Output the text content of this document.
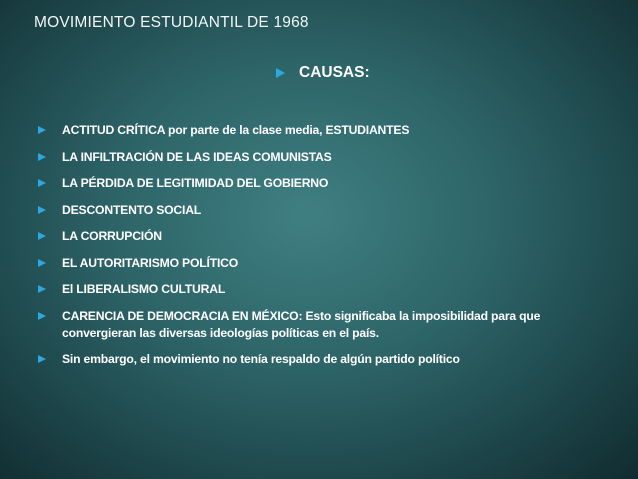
MOVIMIENTO ESTUDIANTIL DE 1968
CAUSAS:
ACTITUD CRÍTICA por parte de la clase media, ESTUDIANTES
LA INFILTRACIÓN DE LAS IDEAS COMUNISTAS
LA PÉRDIDA DE LEGITIMIDAD DEL GOBIERNO
DESCONTENTO SOCIAL
LA CORRUPCIÓN
EL AUTORITARISMO POLÍTICO
El LIBERALISMO CULTURAL
CARENCIA DE DEMOCRACIA EN MÉXICO: Esto significaba la imposibilidad para que convergieran las diversas ideologías políticas en el país.
Sin embargo, el movimiento no tenía respaldo de algún partido político
